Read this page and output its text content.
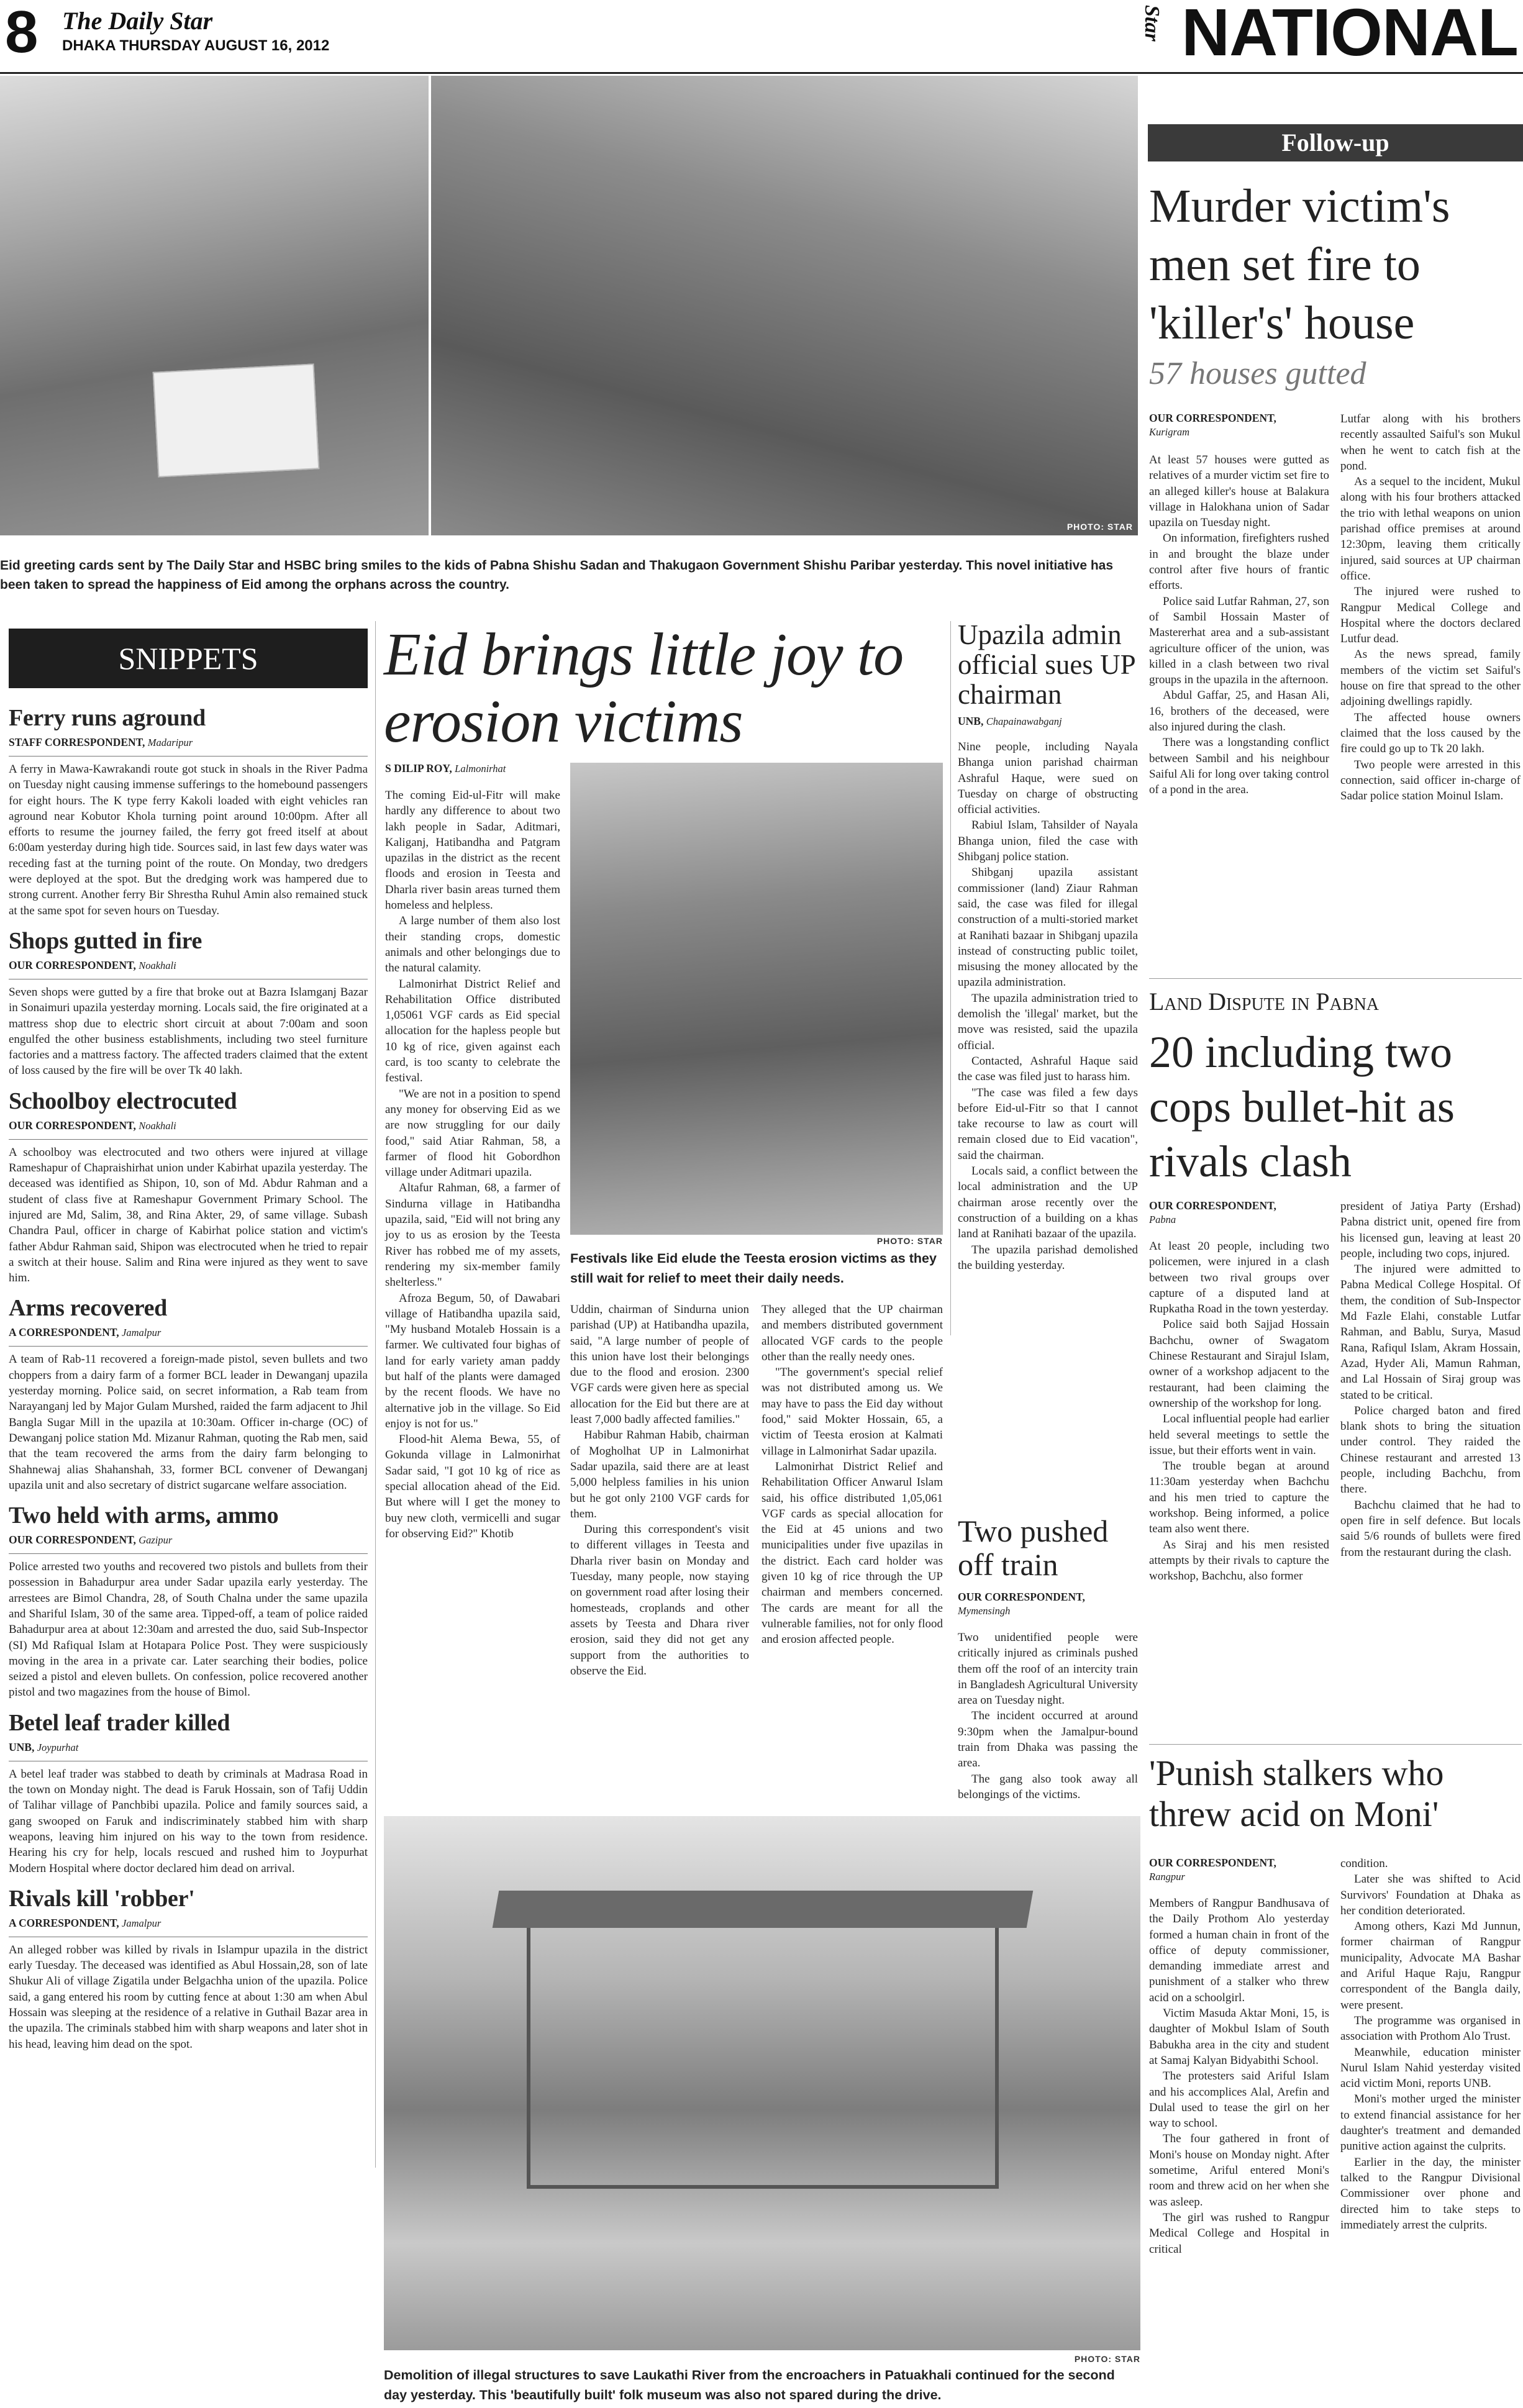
8 The Daily Star
DHAKA THURSDAY AUGUST 16, 2012
Star NATIONAL
PHOTO: STAR
Eid greeting cards sent by The Daily Star and HSBC bring smiles to the kids of Pabna Shishu Sadan and Thakugaon Government Shishu Paribar yesterday. This novel initiative has been taken to spread the happiness of Eid among the orphans across the country.
SNIPPETS
Ferry runs aground
STAFF CORRESPONDENT, Madaripur
A ferry in Mawa-Kawrakandi route got stuck in shoals in the River Padma on Tuesday night causing immense sufferings to the homebound passengers for eight hours. The K type ferry Kakoli loaded with eight vehicles ran aground near Kobutor Khola turning point around 10:00pm. After all efforts to resume the journey failed, the ferry got freed itself at about 6:00am yesterday during high tide. Sources said, in last few days water was receding fast at the turning point of the route. On Monday, two dredgers were deployed at the spot. But the dredging work was hampered due to strong current. Another ferry Bir Shrestha Ruhul Amin also remained stuck at the same spot for seven hours on Tuesday.
Shops gutted in fire
OUR CORRESPONDENT, Noakhali
Seven shops were gutted by a fire that broke out at Bazra Islamganj Bazar in Sonaimuri upazila yesterday morning. Locals said, the fire originated at a mattress shop due to electric short circuit at about 7:00am and soon engulfed the other business establishments, including two steel furniture factories and a mattress factory. The affected traders claimed that the extent of loss caused by the fire will be over Tk 40 lakh.
Schoolboy electrocuted
OUR CORRESPONDENT, Noakhali
A schoolboy was electrocuted and two others were injured at village Rameshapur of Chapraishirhat union under Kabirhat upazila yesterday. The deceased was identified as Shipon, 10, son of Md. Abdur Rahman and a student of class five at Rameshapur Government Primary School. The injured are Md, Salim, 38, and Rina Akter, 29, of same village. Subash Chandra Paul, officer in charge of Kabirhat police station and victim's father Abdur Rahman said, Shipon was electrocuted when he tried to repair a switch at their house. Salim and Rina were injured as they went to save him.
Arms recovered
A CORRESPONDENT, Jamalpur
A team of Rab-11 recovered a foreign-made pistol, seven bullets and two choppers from a dairy farm of a former BCL leader in Dewanganj upazila yesterday morning. Police said, on secret information, a Rab team from Narayanganj led by Major Gulam Murshed, raided the farm adjacent to Jhil Bangla Sugar Mill in the upazila at 10:30am. Officer in-charge (OC) of Dewanganj police station Md. Mizanur Rahman, quoting the Rab men, said that the team recovered the arms from the dairy farm belonging to Shahnewaj alias Shahanshah, 33, former BCL convener of Dewanganj upazila unit and also secretary of district sugarcane welfare association.
Two held with arms, ammo
OUR CORRESPONDENT, Gazipur
Police arrested two youths and recovered two pistols and bullets from their possession in Bahadurpur area under Sadar upazila early yesterday. The arrestees are Bimol Chandra, 28, of South Chalna under the same upazila and Shariful Islam, 30 of the same area. Tipped-off, a team of police raided Bahadurpur area at about 12:30am and arrested the duo, said Sub-Inspector (SI) Md Rafiqual Islam at Hotapara Police Post. They were suspiciously moving in the area in a private car. Later searching their bodies, police seized a pistol and eleven bullets. On confession, police recovered another pistol and two magazines from the house of Bimol.
Betel leaf trader killed
UNB, Joypurhat
A betel leaf trader was stabbed to death by criminals at Madrasa Road in the town on Monday night. The dead is Faruk Hossain, son of Tafij Uddin of Talihar village of Panchbibi upazila. Police and family sources said, a gang swooped on Faruk and indiscriminately stabbed him with sharp weapons, leaving him injured on his way to the town from residence. Hearing his cry for help, locals rescued and rushed him to Joypurhat Modern Hospital where doctor declared him dead on arrival.
Rivals kill 'robber'
A CORRESPONDENT, Jamalpur
An alleged robber was killed by rivals in Islampur upazila in the district early Tuesday. The deceased was identified as Abul Hossain,28, son of late Shukur Ali of village Zigatila under Belgachha union of the upazila. Police said, a gang entered his room by cutting fence at about 1:30 am when Abul Hossain was sleeping at the residence of a relative in Guthail Bazar area in the upazila. The criminals stabbed him with sharp weapons and later shot in his head, leaving him dead on the spot.
Eid brings little joy to erosion victims
S DILIP ROY, Lalmonirhat

The coming Eid-ul-Fitr will make hardly any difference to about two lakh people in Sadar, Aditmari, Kaliganj, Hatibandha and Patgram upazilas in the district as the recent floods and erosion in Teesta and Dharla river basin areas turned them homeless and helpless.

A large number of them also lost their standing crops, domestic animals and other belongings due to the natural calamity.

Lalmonirhat District Relief and Rehabilitation Office distributed 1,05061 VGF cards as Eid special allocation for the hapless people but 10 kg of rice, given against each card, is too scanty to celebrate the festival.

"We are not in a position to spend any money for observing Eid as we are now struggling for our daily food," said Atiar Rahman, 58, a farmer of flood hit Gobordhon village under Aditmari upazila.

Altafur Rahman, 68, a farmer of Sindurna village in Hatibandha upazila, said, "Eid will not bring any joy to us as erosion by the Teesta River has robbed me of my assets, rendering my six-member family shelterless."

Afroza Begum, 50, of Dawabari village of Hatibandha upazila said, "My husband Motaleb Hossain is a farmer. We cultivated four bighas of land for early variety aman paddy but half of the plants were damaged by the recent floods. We have no alternative job in the village. So Eid enjoy is not for us."

Flood-hit Alema Bewa, 55, of Gokunda village in Lalmonirhat Sadar said, "I got 10 kg of rice as special allocation ahead of the Eid. But where will I get the money to buy new cloth, vermicelli and sugar for observing Eid?" Khotib

PHOTO: STAR
Festivals like Eid elude the Teesta erosion victims as they still wait for relief to meet their daily needs.

Uddin, chairman of Sindurna union parishad (UP) at Hatibandha upazila, said, "A large number of people of this union have lost their belongings due to the flood and erosion. 2300 VGF cards were given here as special allocation for the Eid but there are at least 7,000 badly affected families."

Habibur Rahman Habib, chairman of Mogholhat UP in Lalmonirhat Sadar upazila, said there are at least 5,000 helpless families in his union but he got only 2100 VGF cards for them.

During this correspondent's visit to different villages in Teesta and Dharla river basin on Monday and Tuesday, many people, now staying on government road after losing their homesteads, croplands and other assets by Teesta and Dhara river erosion, said they did not get any support from the authorities to observe the Eid.

They alleged that the UP chairman and members distributed government allocated VGF cards to the people other than the really needy ones.

"The government's special relief was not distributed among us. We may have to pass the Eid day without food," said Mokter Hossain, 65, a victim of Teesta erosion at Kalmati village in Lalmonirhat Sadar upazila.

Lalmonirhat District Relief and Rehabilitation Officer Anwarul Islam said, his office distributed 1,05,061 VGF cards as special allocation for the Eid at 45 unions and two municipalities under five upazilas in the district. Each card holder was given 10 kg of rice through the UP chairman and members concerned. The cards are meant for all the vulnerable families, not for only flood and erosion affected people.

Upazila admin official sues UP chairman
UNB, Chapainawabganj

Nine people, including Nayala Bhanga union parishad chairman Ashraful Haque, were sued on Tuesday on charge of obstructing official activities.

Rabiul Islam, Tahsilder of Nayala Bhanga union, filed the case with Shibganj police station.

Shibganj upazila assistant commissioner (land) Ziaur Rahman said, the case was filed for illegal construction of a multi-storied market at Ranihati bazaar in Shibganj upazila instead of constructing public toilet, misusing the money allocated by the upazila administration.

The upazila administration tried to demolish the 'illegal' market, but the move was resisted, said the upazila official.

Contacted, Ashraful Haque said the case was filed just to harass him.

"The case was filed a few days before Eid-ul-Fitr so that I cannot take recourse to law as court will remain closed due to Eid vacation", said the chairman.

Locals said, a conflict between the local administration and the UP chairman arose recently over the construction of a building on a khas land at Ranihati bazaar of the upazila.

The upazila parishad demolished the building yesterday.

Two pushed off train
OUR CORRESPONDENT,
Mymensingh

Two unidentified people were critically injured as criminals pushed them off the roof of an intercity train in Bangladesh Agricultural University area on Tuesday night.

The incident occurred at around 9:30pm when the Jamalpur-bound train from Dhaka was passing the area.

The gang also took away all belongings of the victims.

PHOTO: STAR
Demolition of illegal structures to save Laukathi River from the encroachers in Patuakhali continued for the second day yesterday. This 'beautifully built' folk museum was also not spared during the drive.
Follow-up
Murder victim's men set fire to 'killer's' house
57 houses gutted
OUR CORRESPONDENT,
Kurigram

At least 57 houses were gutted as relatives of a murder victim set fire to an alleged killer's house at Balakura village in Halokhana union of Sadar upazila on Tuesday night.

On information, firefighters rushed in and brought the blaze under control after five hours of frantic efforts.

Police said Lutfar Rahman, 27, son of Sambil Hossain Master of Mastererhat area and a sub-assistant agriculture officer of the union, was killed in a clash between two rival groups in the upazila in the afternoon.

Abdul Gaffar, 25, and Hasan Ali, 16, brothers of the deceased, were also injured during the clash.

There was a longstanding conflict between Sambil and his neighbour Saiful Ali for long over taking control of a pond in the area.

Lutfar along with his brothers recently assaulted Saiful's son Mukul when he went to catch fish at the pond.

As a sequel to the incident, Mukul along with his four brothers attacked the trio with lethal weapons on union parishad office premises at around 12:30pm, leaving them critically injured, said sources at UP chairman office.

The injured were rushed to Rangpur Medical College and Hospital where the doctors declared Lutfur dead.

As the news spread, family members of the victim set Saiful's house on fire that spread to the other adjoining dwellings rapidly.

The affected house owners claimed that the loss caused by the fire could go up to Tk 20 lakh.

Two people were arrested in this connection, said officer in-charge of Sadar police station Moinul Islam.

Land Dispute in Pabna
20 including two cops bullet-hit as rivals clash
OUR CORRESPONDENT,
Pabna

At least 20 people, including two policemen, were injured in a clash between two rival groups over capture of a disputed land at Rupkatha Road in the town yesterday.

Police said both Sajjad Hossain Bachchu, owner of Swagatom Chinese Restaurant and Sirajul Islam, owner of a workshop adjacent to the restaurant, had been claiming the ownership of the workshop for long.

Local influential people had earlier held several meetings to settle the issue, but their efforts went in vain.

The trouble began at around 11:30am yesterday when Bachchu and his men tried to capture the workshop. Being informed, a police team also went there.

As Siraj and his men resisted attempts by their rivals to capture the workshop, Bachchu, also former

president of Jatiya Party (Ershad) Pabna district unit, opened fire from his licensed gun, leaving at least 20 people, including two cops, injured.

The injured were admitted to Pabna Medical College Hospital. Of them, the condition of Sub-Inspector Md Fazle Elahi, constable Lutfar Rahman, and Bablu, Surya, Masud Rana, Rafiqul Islam, Akram Hossain, Azad, Hyder Ali, Mamun Rahman, and Lal Hossain of Siraj group was stated to be critical.

Police charged baton and fired blank shots to bring the situation under control. They raided the Chinese restaurant and arrested 13 people, including Bachchu, from there.

Bachchu claimed that he had to open fire in self defence. But locals said 5/6 rounds of bullets were fired from the restaurant during the clash.

'Punish stalkers who threw acid on Moni'
OUR CORRESPONDENT,
Rangpur

Members of Rangpur Bandhusava of the Daily Prothom Alo yesterday formed a human chain in front of the office of deputy commissioner, demanding immediate arrest and punishment of a stalker who threw acid on a schoolgirl.

Victim Masuda Aktar Moni, 15, is daughter of Mokbul Islam of South Babukha area in the city and student at Samaj Kalyan Bidyabithi School.

The protesters said Ariful Islam and his accomplices Alal, Arefin and Dulal used to tease the girl on her way to school.

The four gathered in front of Moni's house on Monday night. After sometime, Ariful entered Moni's room and threw acid on her when she was asleep.

The girl was rushed to Rangpur Medical College and Hospital in critical

condition.

Later she was shifted to Acid Survivors' Foundation at Dhaka as her condition deteriorated.

Among others, Kazi Md Junnun, former chairman of Rangpur municipality, Advocate MA Bashar and Ariful Haque Raju, Rangpur correspondent of the Bangla daily, were present.

The programme was organised in association with Prothom Alo Trust.

Meanwhile, education minister Nurul Islam Nahid yesterday visited acid victim Moni, reports UNB.

Moni's mother urged the minister to extend financial assistance for her daughter's treatment and demanded punitive action against the culprits.

Earlier in the day, the minister talked to the Rangpur Divisional Commissioner over phone and directed him to take steps to immediately arrest the culprits.
